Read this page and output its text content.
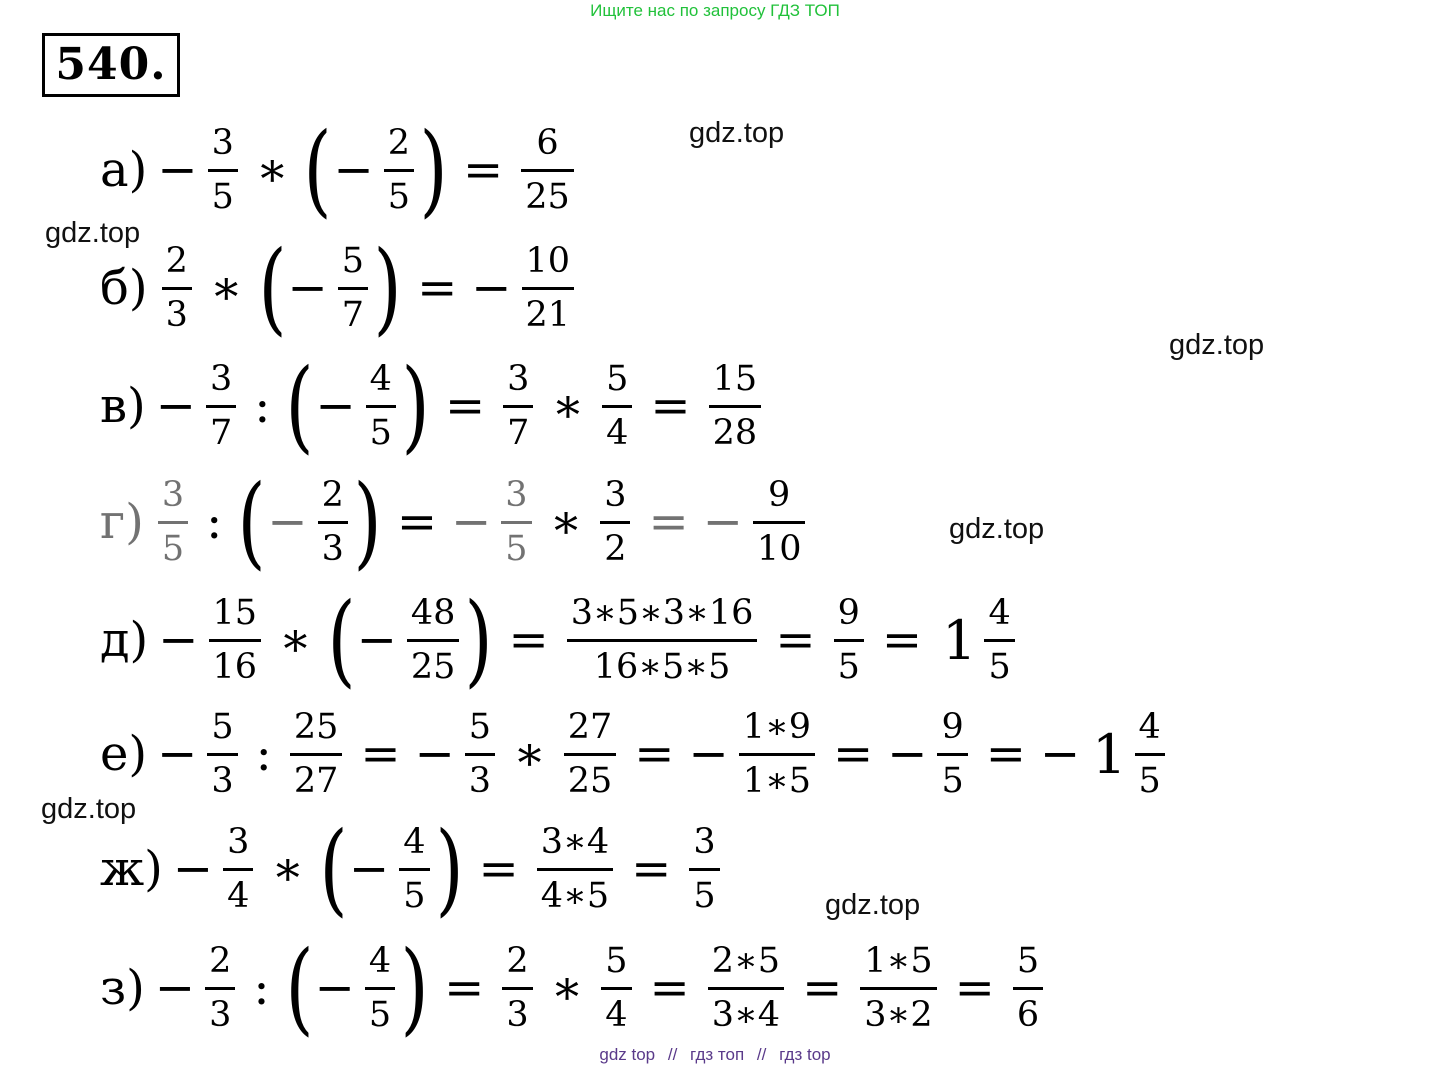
Ищите нас по запросу ГДЗ ТОП
540.
gdz.top
gdz.top
gdz.top
gdz.top
gdz.top
gdz.top
$а) - \frac{3}{5}$ ∗ ( − $\frac{2}{5}$ ) = $\frac{6}{25}$
$б) \frac{2}{3}$ ∗ ( − $\frac{5}{7}$ ) = − $\frac{10}{21}$
$в) - \frac{3}{7}$ : ( − $\frac{4}{5}$ ) = $\frac{3}{7}$ ∗ $\frac{5}{4} = \frac{15}{28}$
$г) \frac{3}{5}$ : ( − $\frac{2}{3}$ ) = − $\frac{3}{5}$ ∗ $\frac{3}{2}$ = − $\frac{9}{10}$
$д) - \frac{15}{16}$ ∗ ( − $\frac{48}{25}$ ) = $\frac{3∗5∗3∗16}{16∗5∗5} = \frac{9}{5} = 1 \frac{4}{5}$
$е) - \frac{5}{3}$ : $\frac{25}{27}$ = − $\frac{5}{3}$ ∗ $\frac{27}{25}$ = − $\frac{1∗9}{1∗5}$ = − $\frac{9}{5}$ = − $1 \frac{4}{5}$
$ж) - \frac{3}{4}$ ∗ ( − $\frac{4}{5}$ ) = $\frac{3∗4}{4∗5} = \frac{3}{5}$
$з) - \frac{2}{3}$ : ( − $\frac{4}{5}$ ) = $\frac{2}{3}$ ∗ $\frac{5}{4} = \frac{2∗5}{3∗4} = \frac{1∗5}{3∗2} = \frac{5}{6}$
gdz top // гдз топ // гдз top
